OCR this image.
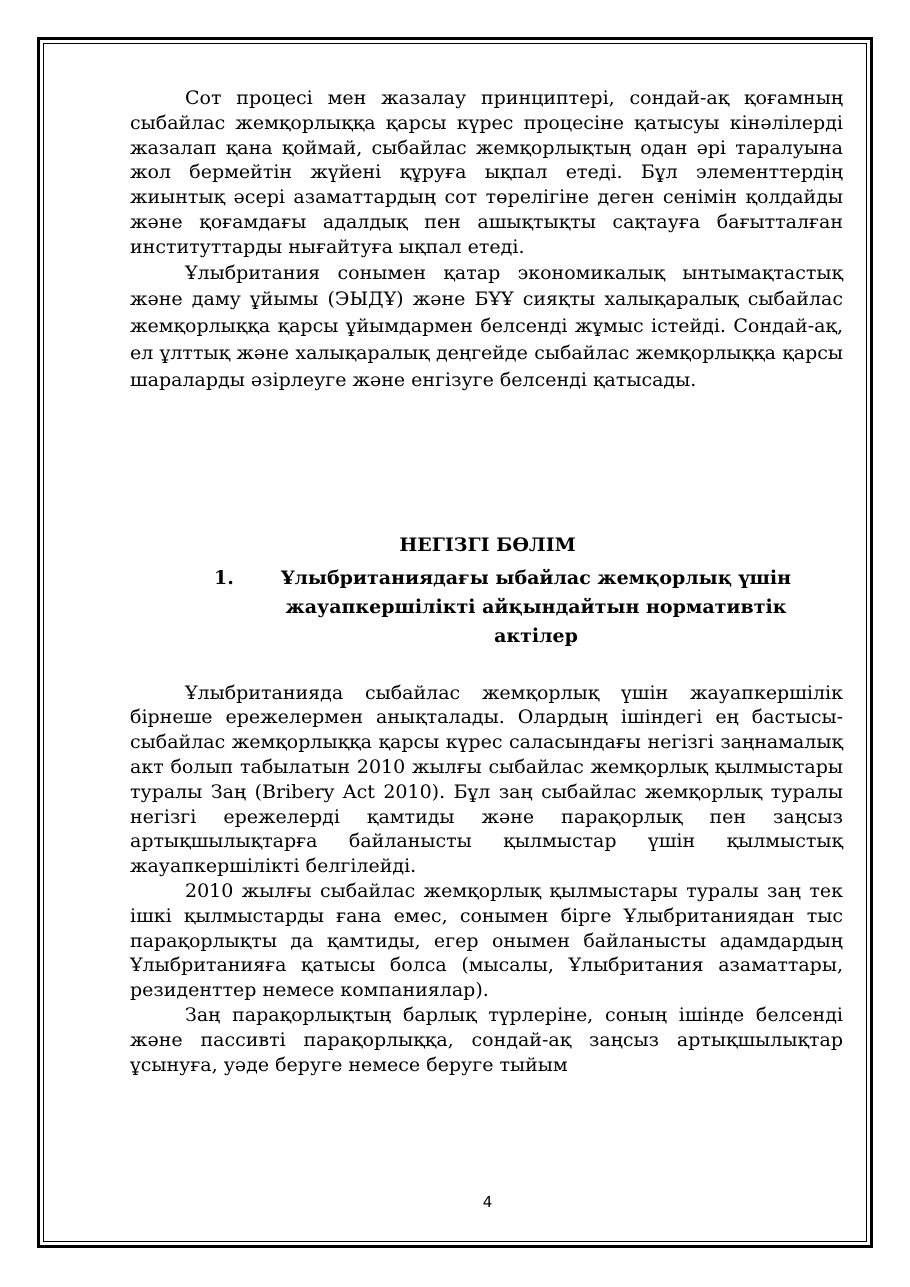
Сот процесі мен жазалау принциптері, сондай-ақ қоғамның сыбайлас жемқорлыққа қарсы күрес процесіне қатысуы кінәлілерді жазалап қана қоймай, сыбайлас жемқорлықтың одан әрі таралуына жол бермейтін жүйені құруға ықпал етеді. Бұл элементтердің жиынтық әсері азаматтардың сот төрелігіне деген сенімін қолдайды және қоғамдағы адалдық пен ашықтықты сақтауға бағытталған институттарды нығайтуға ықпал етеді.

Ұлыбритания сонымен қатар экономикалық ынтымақтастық және даму ұйымы (ЭЫДҰ) және БҰҰ сияқты халықаралық сыбайлас жемқорлыққа қарсы ұйымдармен белсенді жұмыс істейді. Сондай-ақ, ел ұлттық және халықаралық деңгейде сыбайлас жемқорлыққа қарсы шараларды әзірлеуге және енгізуге белсенді қатысады.

НЕГІЗГІ БӨЛІМ
1.	Ұлыбританиядағы ыбайлас жемқорлық үшін жауапкершілікті айқындайтын нормативтік актілер

Ұлыбританияда сыбайлас жемқорлық үшін жауапкершілік бірнеше ережелермен анықталады. Олардың ішіндегі ең бастысы-сыбайлас жемқорлыққа қарсы күрес саласындағы негізгі заңнамалық акт болып табылатын 2010 жылғы сыбайлас жемқорлық қылмыстары туралы Заң (Bribery Act 2010). Бұл заң сыбайлас жемқорлық туралы негізгі ережелерді қамтиды және парақорлық пен заңсыз артықшылықтарға байланысты қылмыстар үшін қылмыстық жауапкершілікті белгілейді.

2010 жылғы сыбайлас жемқорлық қылмыстары туралы заң тек ішкі қылмыстарды ғана емес, сонымен бірге Ұлыбританиядан тыс парақорлықты да қамтиды, егер онымен байланысты адамдардың Ұлыбританияға қатысы болса (мысалы, Ұлыбритания азаматтары, резиденттер немесе компаниялар).

Заң парақорлықтың барлық түрлеріне, соның ішінде белсенді және пассивті парақорлыққа, сондай-ақ заңсыз артықшылықтар ұсынуға, уәде беруге немесе беруге тыйым

4
